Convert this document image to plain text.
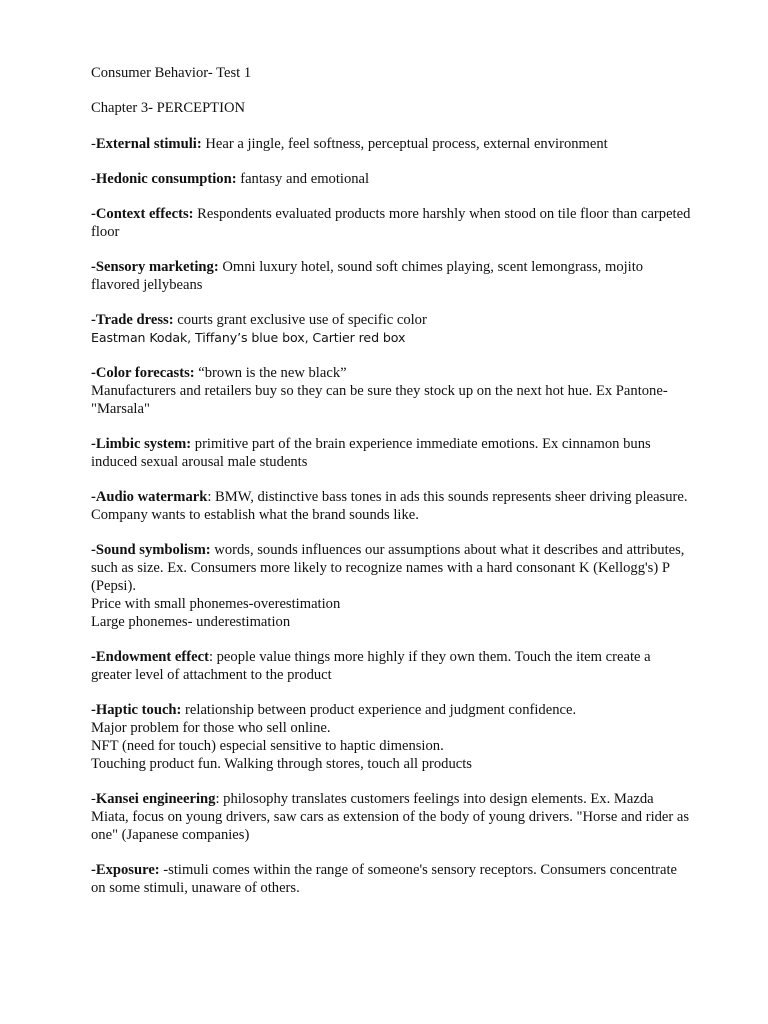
Consumer Behavior- Test 1

Chapter 3- PERCEPTION

-External stimuli: Hear a jingle, feel softness, perceptual process, external environment

-Hedonic consumption: fantasy and emotional

-Context effects: Respondents evaluated products more harshly when stood on tile floor than carpeted floor

-Sensory marketing: Omni luxury hotel, sound soft chimes playing, scent lemongrass, mojito flavored jellybeans

-Trade dress: courts grant exclusive use of specific color
Eastman Kodak, Tiffany’s blue box, Cartier red box

-Color forecasts: “brown is the new black”
Manufacturers and retailers buy so they can be sure they stock up on the next hot hue. Ex Pantone-"Marsala"

-Limbic system: primitive part of the brain experience immediate emotions. Ex cinnamon buns induced sexual arousal male students

-Audio watermark: BMW, distinctive bass tones in ads this sounds represents sheer driving pleasure. Company wants to establish what the brand sounds like.

-Sound symbolism: words, sounds influences our assumptions about what it describes and attributes, such as size. Ex. Consumers more likely to recognize names with a hard consonant K (Kellogg's) P (Pepsi).
Price with small phonemes-overestimation
Large phonemes- underestimation

-Endowment effect: people value things more highly if they own them. Touch the item create a greater level of attachment to the product

-Haptic touch: relationship between product experience and judgment confidence.
Major problem for those who sell online.
NFT (need for touch) especial sensitive to haptic dimension.
Touching product fun. Walking through stores, touch all products

-Kansei engineering: philosophy translates customers feelings into design elements. Ex. Mazda Miata, focus on young drivers, saw cars as extension of the body of young drivers. "Horse and rider as one" (Japanese companies)

-Exposure: -stimuli comes within the range of someone's sensory receptors. Consumers concentrate on some stimuli, unaware of others.
